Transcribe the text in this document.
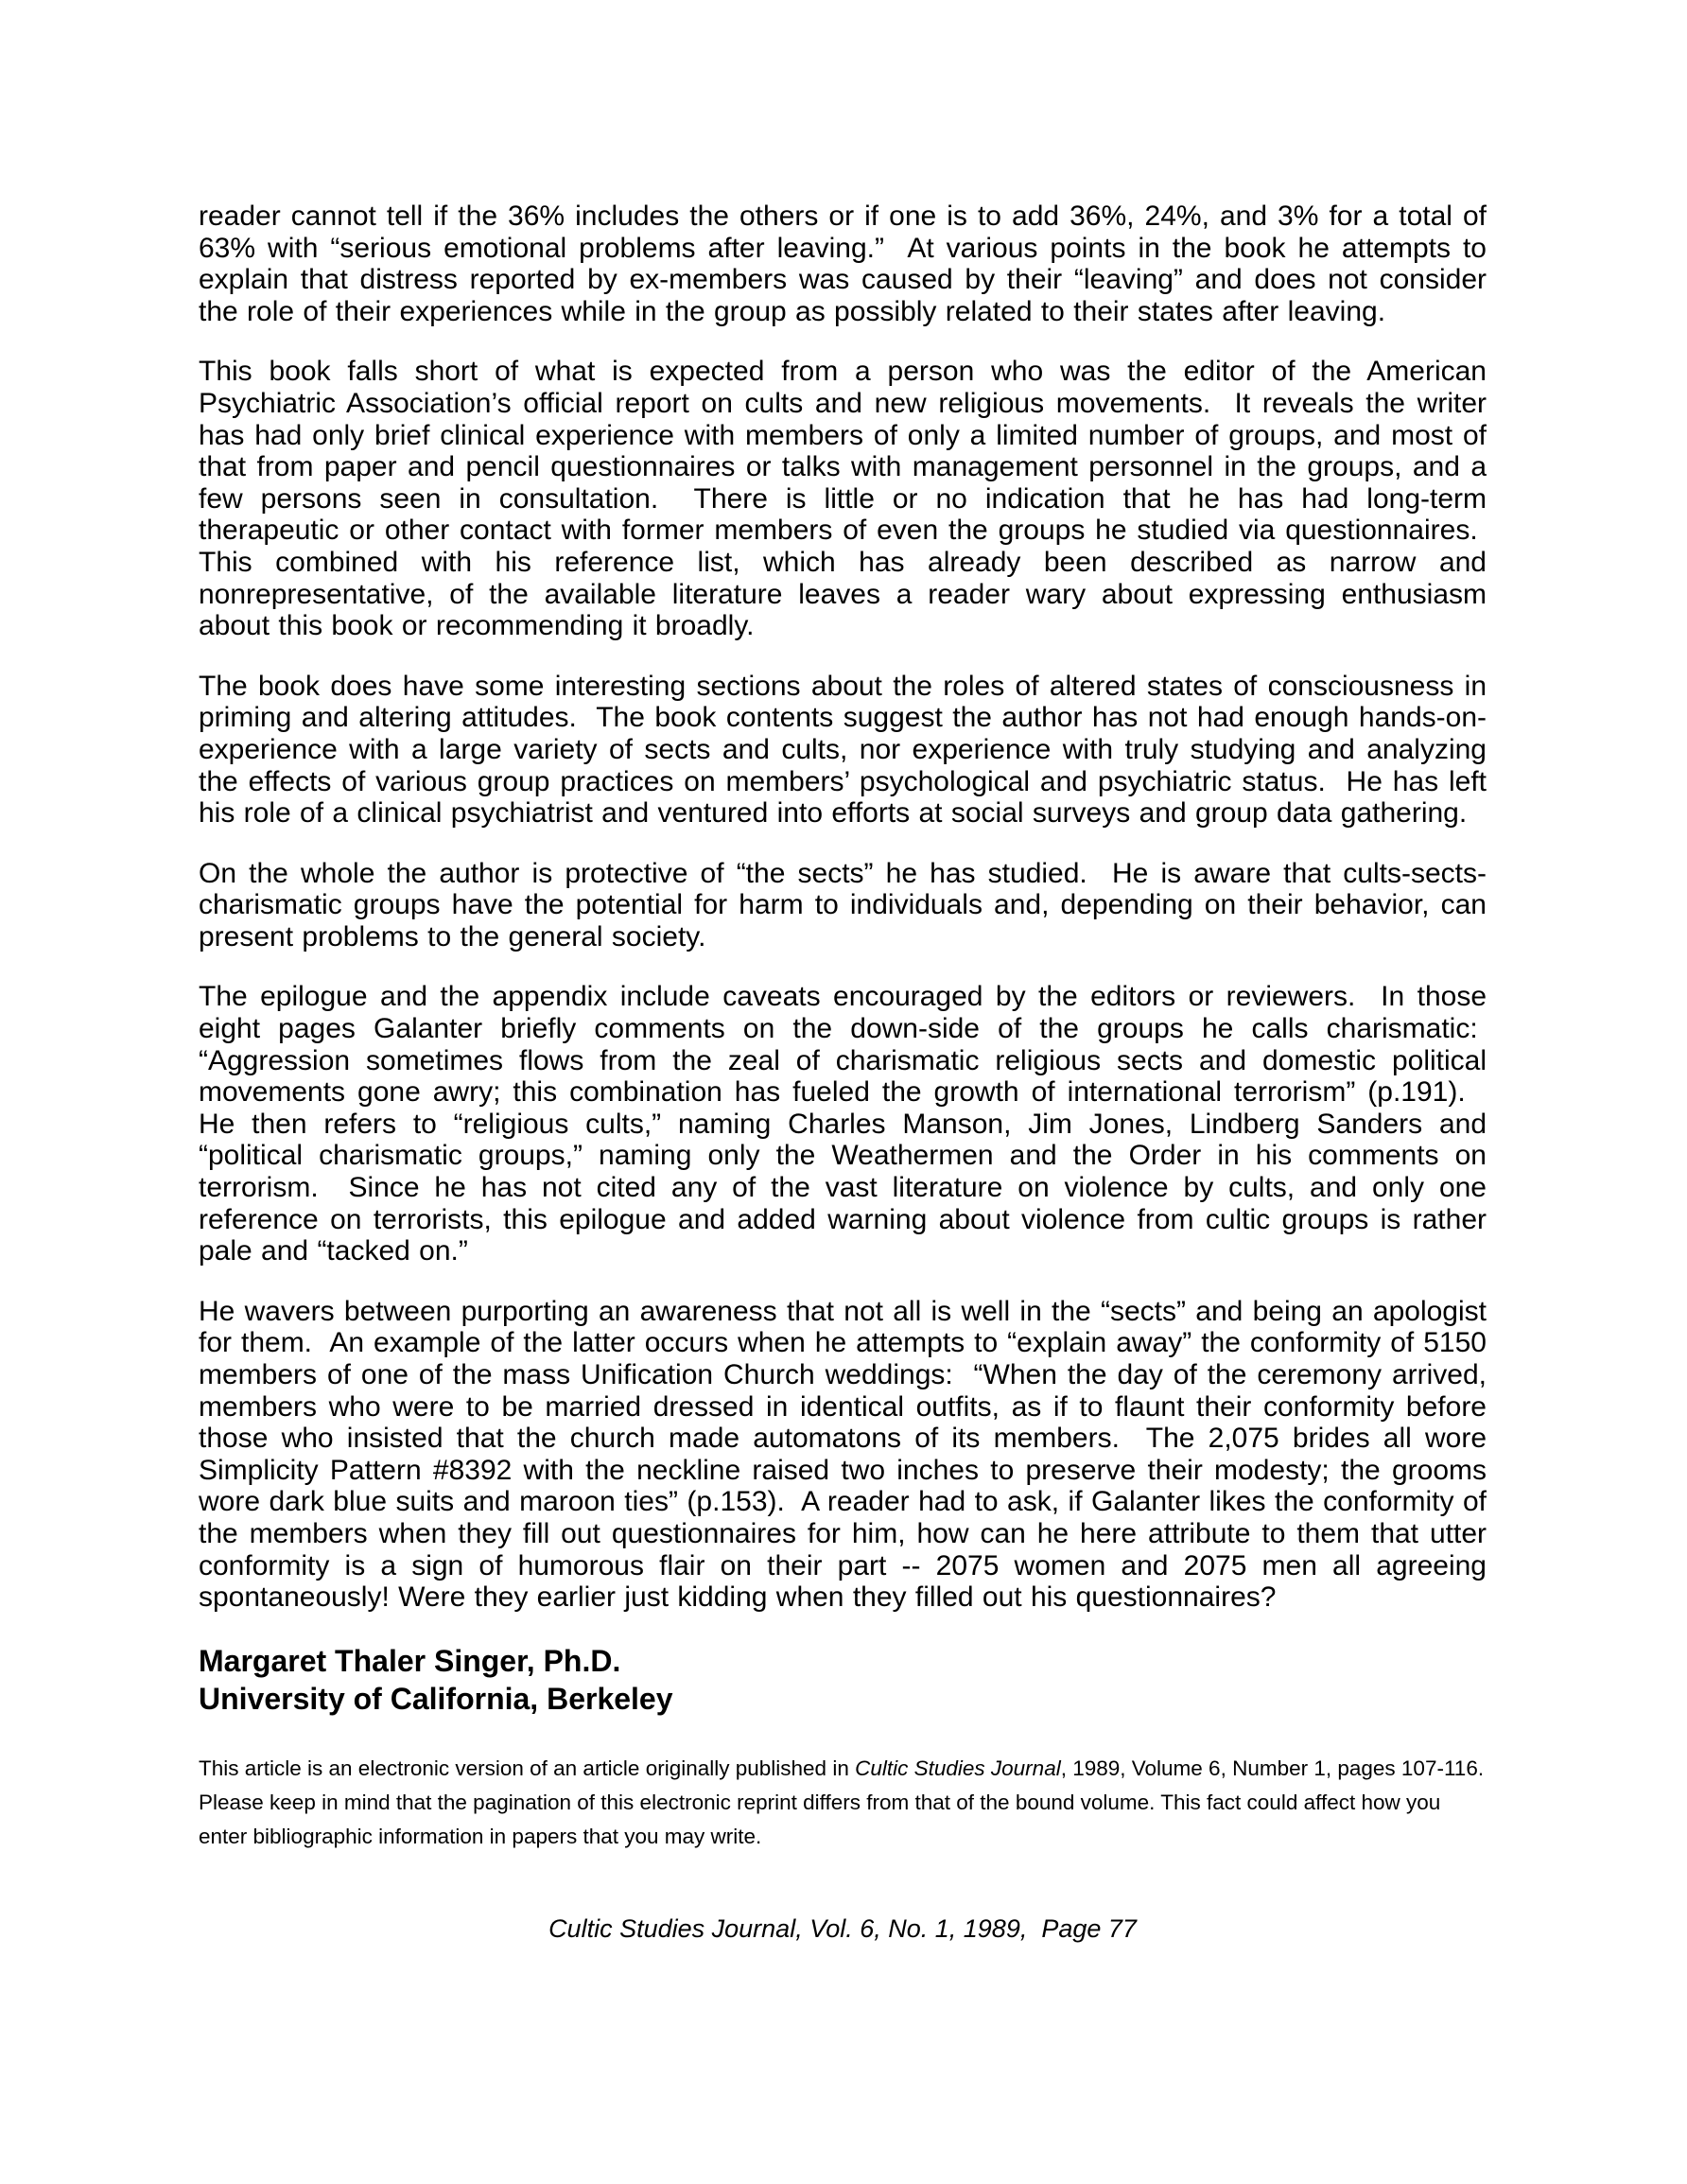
reader cannot tell if the 36% includes the others or if one is to add 36%, 24%, and 3% for a total of 63% with “serious emotional problems after leaving.”  At various points in the book he attempts to explain that distress reported by ex-members was caused by their “leaving” and does not consider the role of their experiences while in the group as possibly related to their states after leaving.

This book falls short of what is expected from a person who was the editor of the American Psychiatric Association’s official report on cults and new religious movements.  It reveals the writer has had only brief clinical experience with members of only a limited number of groups, and most of that from paper and pencil questionnaires or talks with management personnel in the groups, and a few persons seen in consultation.  There is little or no indication that he has had long-term therapeutic or other contact with former members of even the groups he studied via questionnaires.  This combined with his reference list, which has already been described as narrow and nonrepresentative, of the available literature leaves a reader wary about expressing enthusiasm about this book or recommending it broadly.

The book does have some interesting sections about the roles of altered states of consciousness in priming and altering attitudes.  The book contents suggest the author has not had enough hands-on-experience with a large variety of sects and cults, nor experience with truly studying and analyzing the effects of various group practices on members’ psychological and psychiatric status.  He has left his role of a clinical psychiatrist and ventured into efforts at social surveys and group data gathering.

On the whole the author is protective of “the sects” he has studied.  He is aware that cults-sects-charismatic groups have the potential for harm to individuals and, depending on their behavior, can present problems to the general society.

The epilogue and the appendix include caveats encouraged by the editors or reviewers.  In those eight pages Galanter briefly comments on the down-side of the groups he calls charismatic:  “Aggression sometimes flows from the zeal of charismatic religious sects and domestic political movements gone awry; this combination has fueled the growth of international terrorism” (p.191).   He then refers to “religious cults,” naming Charles Manson, Jim Jones, Lindberg Sanders and “political charismatic groups,” naming only the Weathermen and the Order in his comments on terrorism.  Since he has not cited any of the vast literature on violence by cults, and only one reference on terrorists, this epilogue and added warning about violence from cultic groups is rather pale and “tacked on.”

He wavers between purporting an awareness that not all is well in the “sects” and being an apologist for them.  An example of the latter occurs when he attempts to “explain away” the conformity of 5150 members of one of the mass Unification Church weddings:  “When the day of the ceremony arrived, members who were to be married dressed in identical outfits, as if to flaunt their conformity before those who insisted that the church made automatons of its members.  The 2,075 brides all wore Simplicity Pattern #8392 with the neckline raised two inches to preserve their modesty; the grooms wore dark blue suits and maroon ties” (p.153).  A reader had to ask, if Galanter likes the conformity of the members when they fill out questionnaires for him, how can he here attribute to them that utter conformity is a sign of humorous flair on their part -- 2075 women and 2075 men all agreeing spontaneously! Were they earlier just kidding when they filled out his questionnaires?

Margaret Thaler Singer, Ph.D.
University of California, Berkeley

This article is an electronic version of an article originally published in Cultic Studies Journal, 1989, Volume 6, Number 1, pages 107-116. Please keep in mind that the pagination of this electronic reprint differs from that of the bound volume. This fact could affect how you enter bibliographic information in papers that you may write.

Cultic Studies Journal, Vol. 6, No. 1, 1989,  Page 77
